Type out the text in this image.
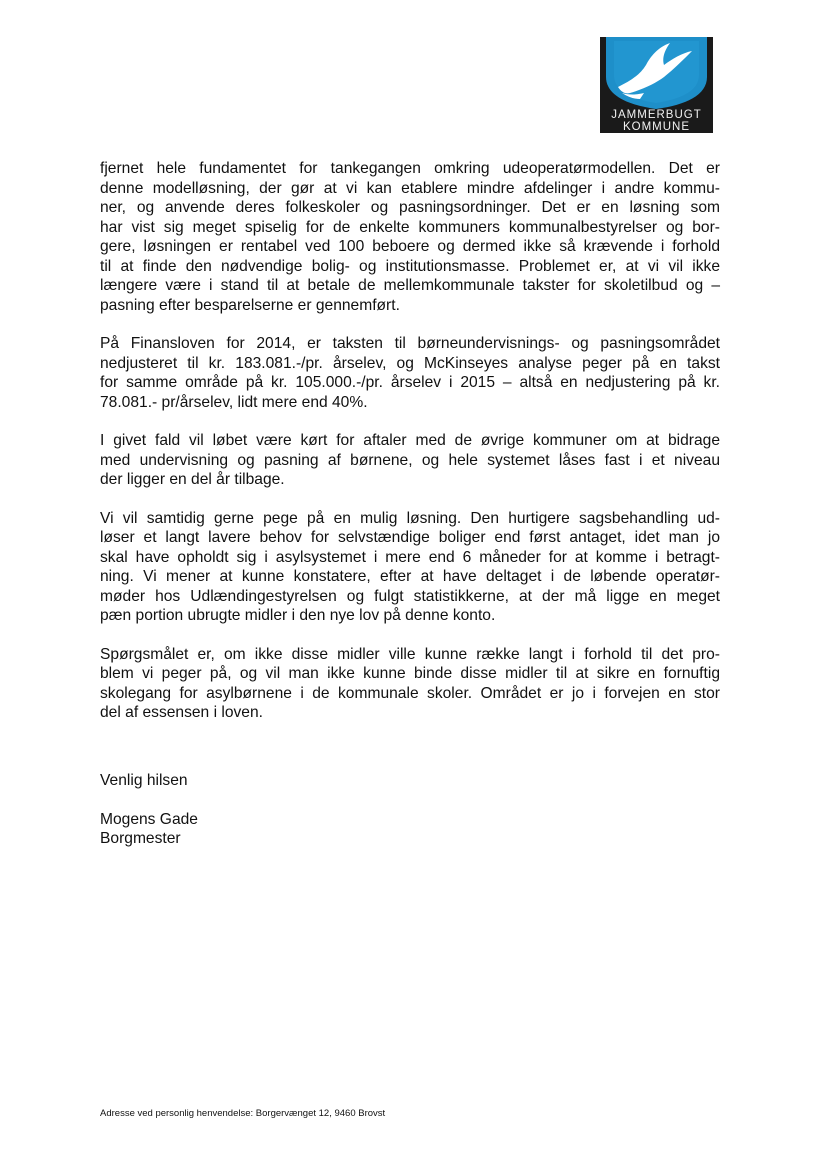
JAMMERBUGT
KOMMUNE
fjernet hele fundamentet for tankegangen omkring udeoperatørmodellen. Det er
denne modelløsning, der gør at vi kan etablere mindre afdelinger i andre kommu-
ner, og anvende deres folkeskoler og pasningsordninger. Det er en løsning som
har vist sig meget spiselig for de enkelte kommuners kommunalbestyrelser og bor-
gere, løsningen er rentabel ved 100 beboere og dermed ikke så krævende i forhold
til at finde den nødvendige bolig- og institutionsmasse. Problemet er, at vi vil ikke
længere være i stand til at betale de mellemkommunale takster for skoletilbud og –
pasning efter besparelserne er gennemført.
På Finansloven for 2014, er taksten til børneundervisnings- og pasningsområdet
nedjusteret til kr. 183.081.-/pr. årselev, og McKinseyes analyse peger på en takst
for samme område på kr. 105.000.-/pr. årselev i 2015 – altså en nedjustering på kr.
78.081.- pr/årselev, lidt mere end 40%.
I givet fald vil løbet være kørt for aftaler med de øvrige kommuner om at bidrage
med undervisning og pasning af børnene, og hele systemet låses fast i et niveau
der ligger en del år tilbage.
Vi vil samtidig gerne pege på en mulig løsning. Den hurtigere sagsbehandling ud-
løser et langt lavere behov for selvstændige boliger end først antaget, idet man jo
skal have opholdt sig i asylsystemet i mere end 6 måneder for at komme i betragt-
ning. Vi mener at kunne konstatere, efter at have deltaget i de løbende operatør-
møder hos Udlændingestyrelsen og fulgt statistikkerne, at der må ligge en meget
pæn portion ubrugte midler i den nye lov på denne konto.
Spørgsmålet er, om ikke disse midler ville kunne række langt i forhold til det pro-
blem vi peger på, og vil man ikke kunne binde disse midler til at sikre en fornuftig
skolegang for asylbørnene i de kommunale skoler. Området er jo i forvejen en stor
del af essensen i loven.
Venlig hilsen
Mogens Gade
Borgmester
Adresse ved personlig henvendelse: Borgervænget 12, 9460 Brovst
